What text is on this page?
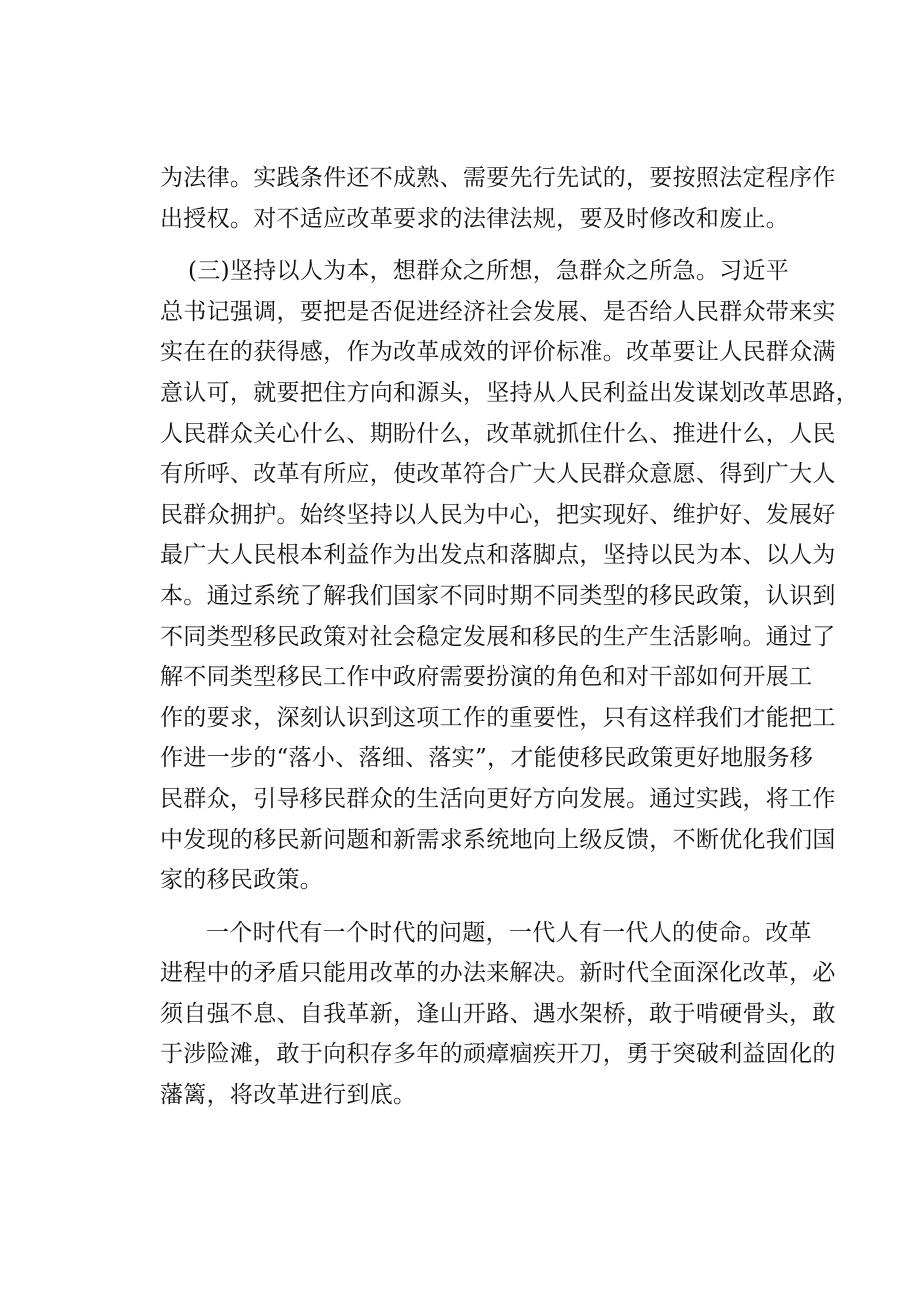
为法律。实践条件还不成熟、需要先行先试的，要按照法定程序作
出授权。对不适应改革要求的法律法规，要及时修改和废止。
(三)坚持以人为本，想群众之所想，急群众之所急。习近平
总书记强调，要把是否促进经济社会发展、是否给人民群众带来实
实在在的获得感，作为改革成效的评价标准。改革要让人民群众满
意认可，就要把住方向和源头，坚持从人民利益出发谋划改革思路，
人民群众关心什么、期盼什么，改革就抓住什么、推进什么，人民
有所呼、改革有所应，使改革符合广大人民群众意愿、得到广大人
民群众拥护。始终坚持以人民为中心，把实现好、维护好、发展好
最广大人民根本利益作为出发点和落脚点，坚持以民为本、以人为
本。通过系统了解我们国家不同时期不同类型的移民政策，认识到
不同类型移民政策对社会稳定发展和移民的生产生活影响。通过了
解不同类型移民工作中政府需要扮演的角色和对干部如何开展工
作的要求，深刻认识到这项工作的重要性，只有这样我们才能把工
作进一步的“落小、落细、落实”，才能使移民政策更好地服务移
民群众，引导移民群众的生活向更好方向发展。通过实践，将工作
中发现的移民新问题和新需求系统地向上级反馈，不断优化我们国
家的移民政策。
一个时代有一个时代的问题，一代人有一代人的使命。改革
进程中的矛盾只能用改革的办法来解决。新时代全面深化改革，必
须自强不息、自我革新，逢山开路、遇水架桥，敢于啃硬骨头，敢
于涉险滩，敢于向积存多年的顽瘴痼疾开刀，勇于突破利益固化的
藩篱，将改革进行到底。
